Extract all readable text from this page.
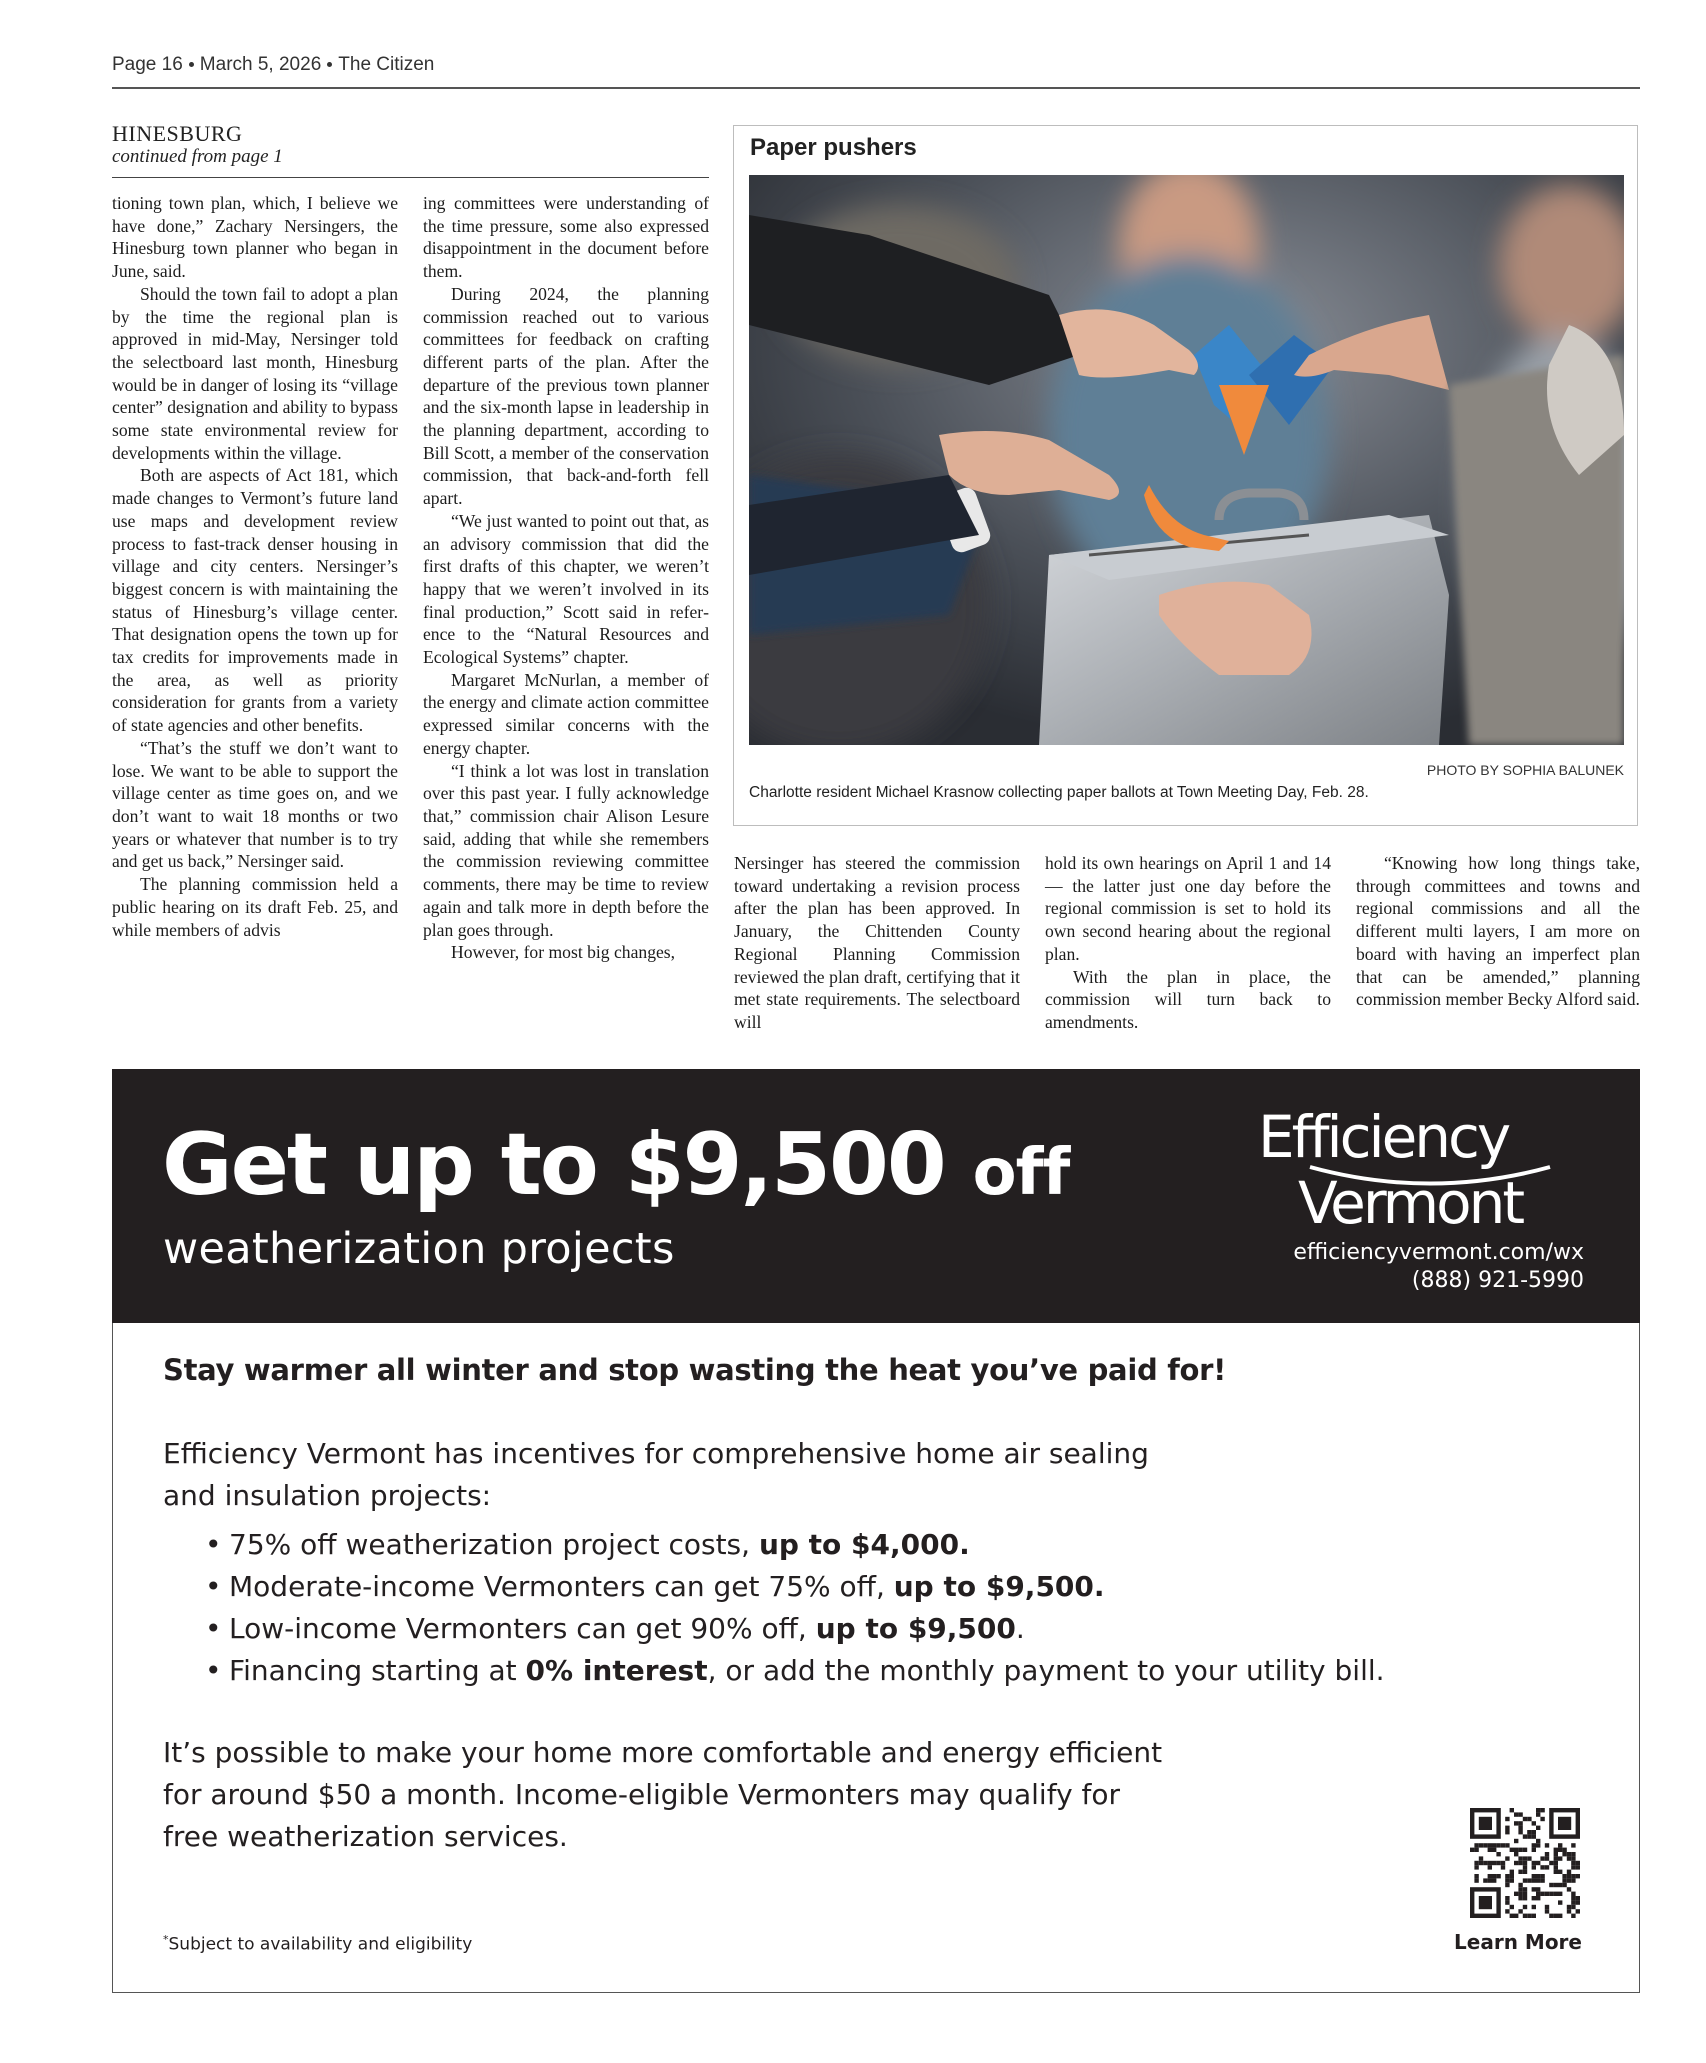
Page 16 March 5, 2026 The Citizen
HINESBURG
continued from page 1

tioning town plan, which, I believe we have done,” Zachary Nersingers, the Hinesburg town planner who began in June, said.

Should the town fail to adopt a plan by the time the regional plan is approved in mid-May, Nersinger told the selectboard last month, Hinesburg would be in danger of losing its “village center” designation and ability to bypass some state environmental review for developments within the village.

Both are aspects of Act 181, which made changes to Vermont’s future land use maps and development review process to fast-track denser housing in village and city centers. Nersinger’s biggest concern is with maintaining the status of Hinesburg’s village center. That designation opens the town up for tax credits for improvements made in the area, as well as priority consideration for grants from a variety of state agencies and other benefits.

“That’s the stuff we don’t want to lose. We want to be able to support the village center as time goes on, and we don’t want to wait 18 months or two years or whatever that number is to try and get us back,” Nersinger said.

The planning commission held a public hearing on its draft Feb. 25, and while members of advis

ing committees were understanding of the time pressure, some also expressed disappointment in the document before them.

During 2024, the planning commission reached out to various committees for feedback on crafting different parts of the plan. After the departure of the previous town planner and the six-month lapse in leadership in the planning department, according to Bill Scott, a member of the conservation commission, that back-and-forth fell apart.

“We just wanted to point out that, as an advisory commission that did the first drafts of this chapter, we weren’t happy that we weren’t involved in its final production,” Scott said in reference to the “Natural Resources and Ecological Systems” chapter.

Margaret McNurlan, a member of the energy and climate action committee expressed similar concerns with the energy chapter.

“I think a lot was lost in translation over this past year. I fully acknowledge that,” commission chair Alison Lesure said, adding that while she remembers the commission reviewing committee comments, there may be time to review again and talk more in depth before the plan goes through.

However, for most big changes,

Nersinger has steered the commission toward undertaking a revision process after the plan has been approved. In January, the Chittenden County Regional Planning Commission reviewed the plan draft, certifying that it met state requirements. The selectboard will

hold its own hearings on April 1 and 14 — the latter just one day before the regional commission is set to hold its own second hearing about the regional plan.

With the plan in place, the commission will turn back to amendments.

“Knowing how long things take, through committees and towns and regional commissions and all the different multi layers, I am more on board with having an imperfect plan that can be amended,” planning commission member Becky Alford said.

Paper pushers
PHOTO BY SOPHIA BALUNEK
Charlotte resident Michael Krasnow collecting paper ballots at Town Meeting Day, Feb. 28.
Get up to $9,500 off
weatherization projects
Efficiency
Vermont
efficiencyvermont.com/wx
(888) 921-5990
Stay warmer all winter and stop wasting the heat you’ve paid for!
Efficiency Vermont has incentives for comprehensive home air sealing and insulation projects:
• 75% off weatherization project costs, up to $4,000.
• Moderate-income Vermonters can get 75% off, up to $9,500.
• Low-income Vermonters can get 90% off, up to $9,500.
• Financing starting at 0% interest, or add the monthly payment to your utility bill.
It’s possible to make your home more comfortable and energy efficient for around $50 a month. Income-eligible Vermonters may qualify for free weatherization services.
*Subject to availability and eligibility	Learn More
